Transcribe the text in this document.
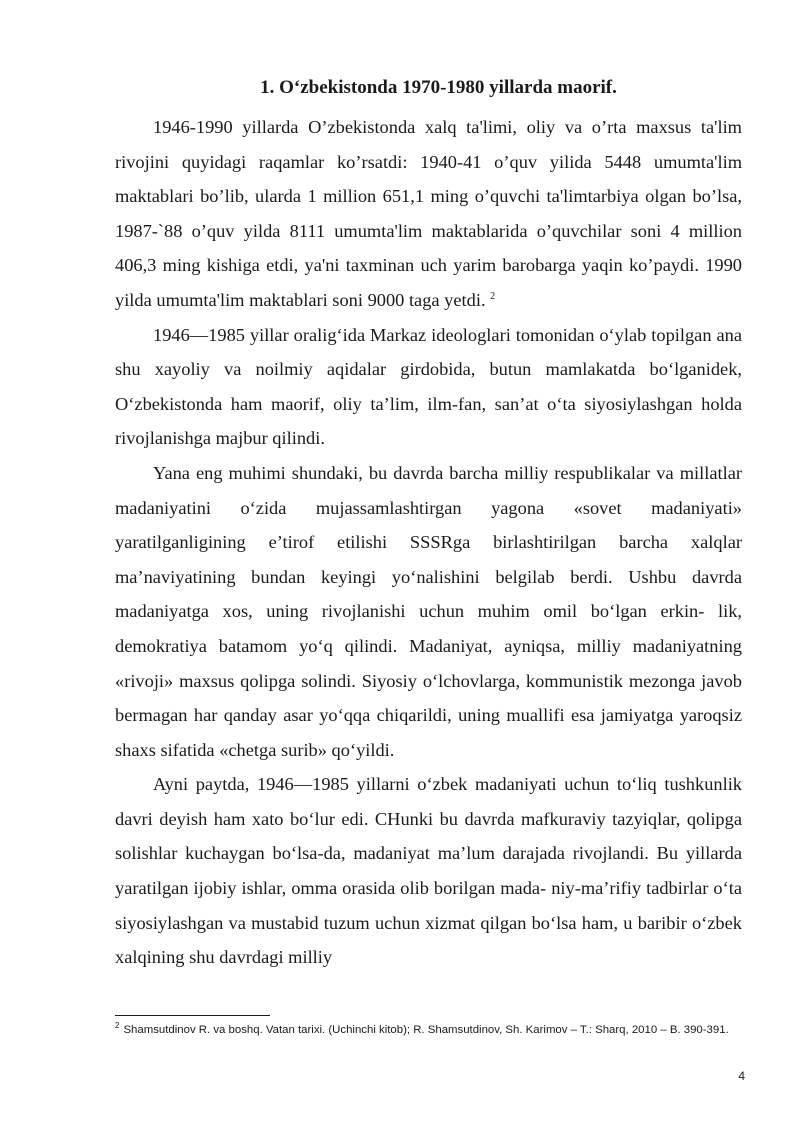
1. O‘zbekistonda 1970-1980 yillarda maorif.

1946-1990 yillarda O’zbekistonda xalq ta'limi, oliy va o’rta maxsus ta'lim rivojini quyidagi raqamlar ko’rsatdi: 1940-41 o’quv yilida 5448 umumta'lim maktablari bo’lib, ularda 1 million 651,1 ming o’quvchi ta'limtarbiya olgan bo’lsa, 1987-`88 o’quv yilda 8111 umumta'lim maktablarida o’quvchilar soni 4 million 406,3 ming kishiga etdi, ya'ni taxminan uch yarim barobarga yaqin ko’paydi. 1990 yilda umumta'lim maktablari soni 9000 taga yetdi. $^2$

1946—1985 yillar oralig‘ida Markaz ideologlari tomonidan o‘ylab topilgan ana shu xayoliy va noilmiy aqidalar girdobida, butun mamlakatda bo‘lganidek, O‘zbekistonda ham maorif, oliy ta’lim, ilm-fan, san’at o‘ta siyosiylashgan holda rivojlanishga majbur qilindi.

Yana eng muhimi shundaki, bu davrda barcha milliy respublikalar va millatlar madaniyatini o‘zida mujassamlashtirgan yagona «sovet madaniyati» yaratilganligining e’tirof etilishi SSSRga birlashtirilgan barcha xalqlar ma’naviyatining bundan keyingi yo‘nalishini belgilab berdi. Ushbu davrda madaniyatga xos, uning rivojlanishi uchun muhim omil bo‘lgan erkin- lik, demokratiya batamom yo‘q qilindi. Madaniyat, ayniqsa, milliy madaniyatning «rivoji» maxsus qolipga solindi. Siyosiy o‘lchovlarga, kommunistik mezonga javob bermagan har qanday asar yo‘qqa chiqarildi, uning muallifi esa jamiyatga yaroqsiz shaxs sifatida «chetga surib» qo‘yildi.

Ayni paytda, 1946—1985 yillarni o‘zbek madaniyati uchun to‘liq tushkunlik davri deyish ham xato bo‘lur edi. CHunki bu davrda mafkuraviy tazyiqlar, qolipga solishlar kuchaygan bo‘lsa-da, madaniyat ma’lum darajada rivojlandi. Bu yillarda yaratilgan ijobiy ishlar, omma orasida olib borilgan mada- niy-ma’rifiy tadbirlar o‘ta siyosiylashgan va mustabid tuzum uchun xizmat qilgan bo‘lsa ham, u baribir o‘zbek xalqining shu davrdagi milliy

$^2$ Shamsutdinov R. va boshq. Vatan tarixi. (Uchinchi kitob); R. Shamsutdinov, Sh. Karimov – T.: Sharq, 2010 – B. 390-391.
4
